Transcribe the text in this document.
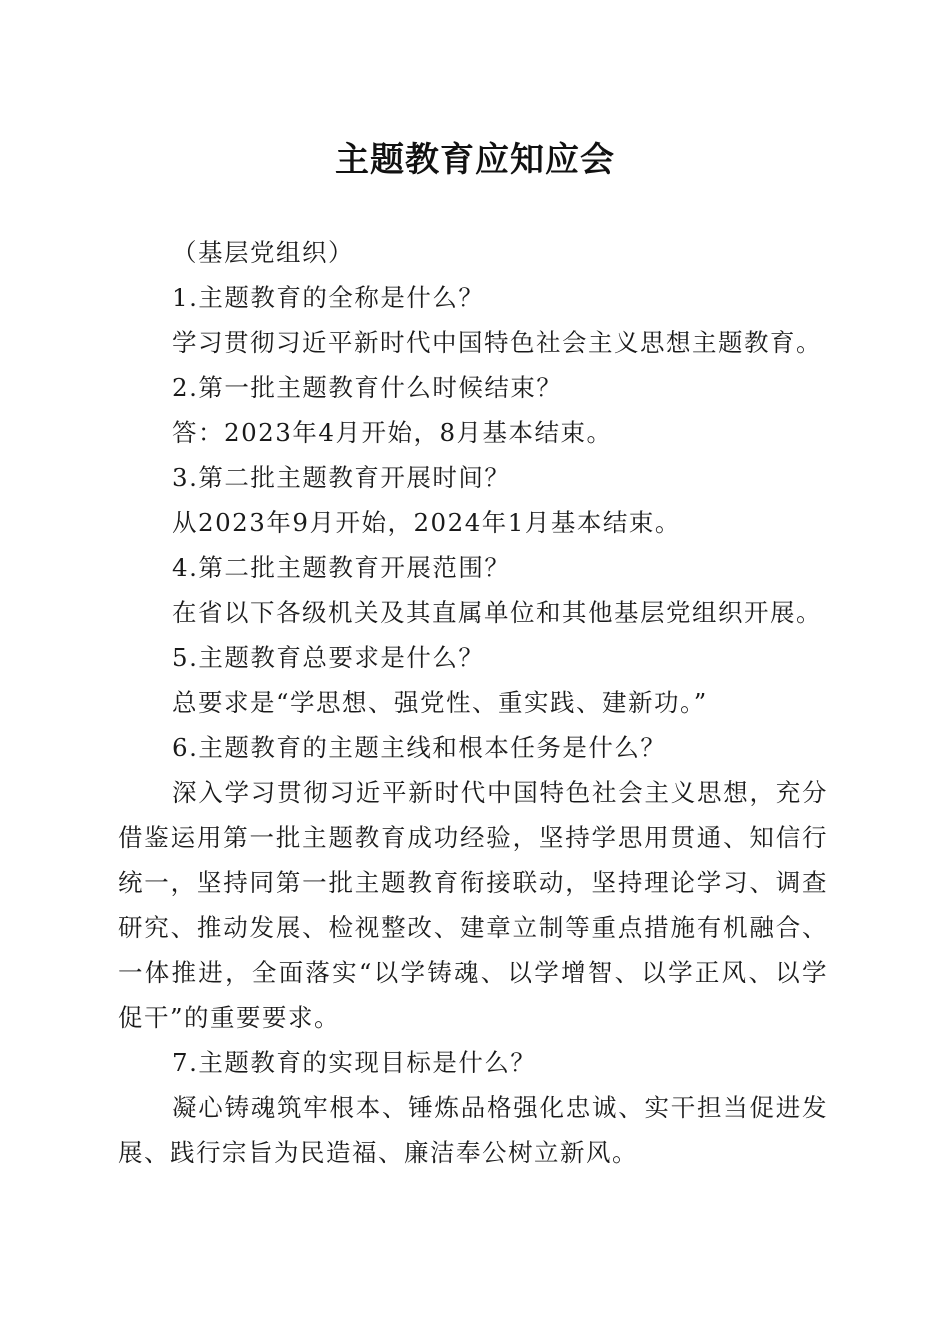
主题教育应知应会

（基层党组织）

1.主题教育的全称是什么？

学习贯彻习近平新时代中国特色社会主义思想主题教育。

2.第一批主题教育什么时候结束？

答：2023年4月开始，8月基本结束。

3.第二批主题教育开展时间？

从2023年9月开始，2024年1月基本结束。

4.第二批主题教育开展范围？

在省以下各级机关及其直属单位和其他基层党组织开展。

5.主题教育总要求是什么？

总要求是“学思想、强党性、重实践、建新功。”

6.主题教育的主题主线和根本任务是什么？

深入学习贯彻习近平新时代中国特色社会主义思想，充分借鉴运用第一批主题教育成功经验，坚持学思用贯通、知信行统一，坚持同第一批主题教育衔接联动，坚持理论学习、调查研究、推动发展、检视整改、建章立制等重点措施有机融合、一体推进，全面落实“以学铸魂、以学增智、以学正风、以学促干”的重要要求。

7.主题教育的实现目标是什么？

凝心铸魂筑牢根本、锤炼品格强化忠诚、实干担当促进发展、践行宗旨为民造福、廉洁奉公树立新风。
